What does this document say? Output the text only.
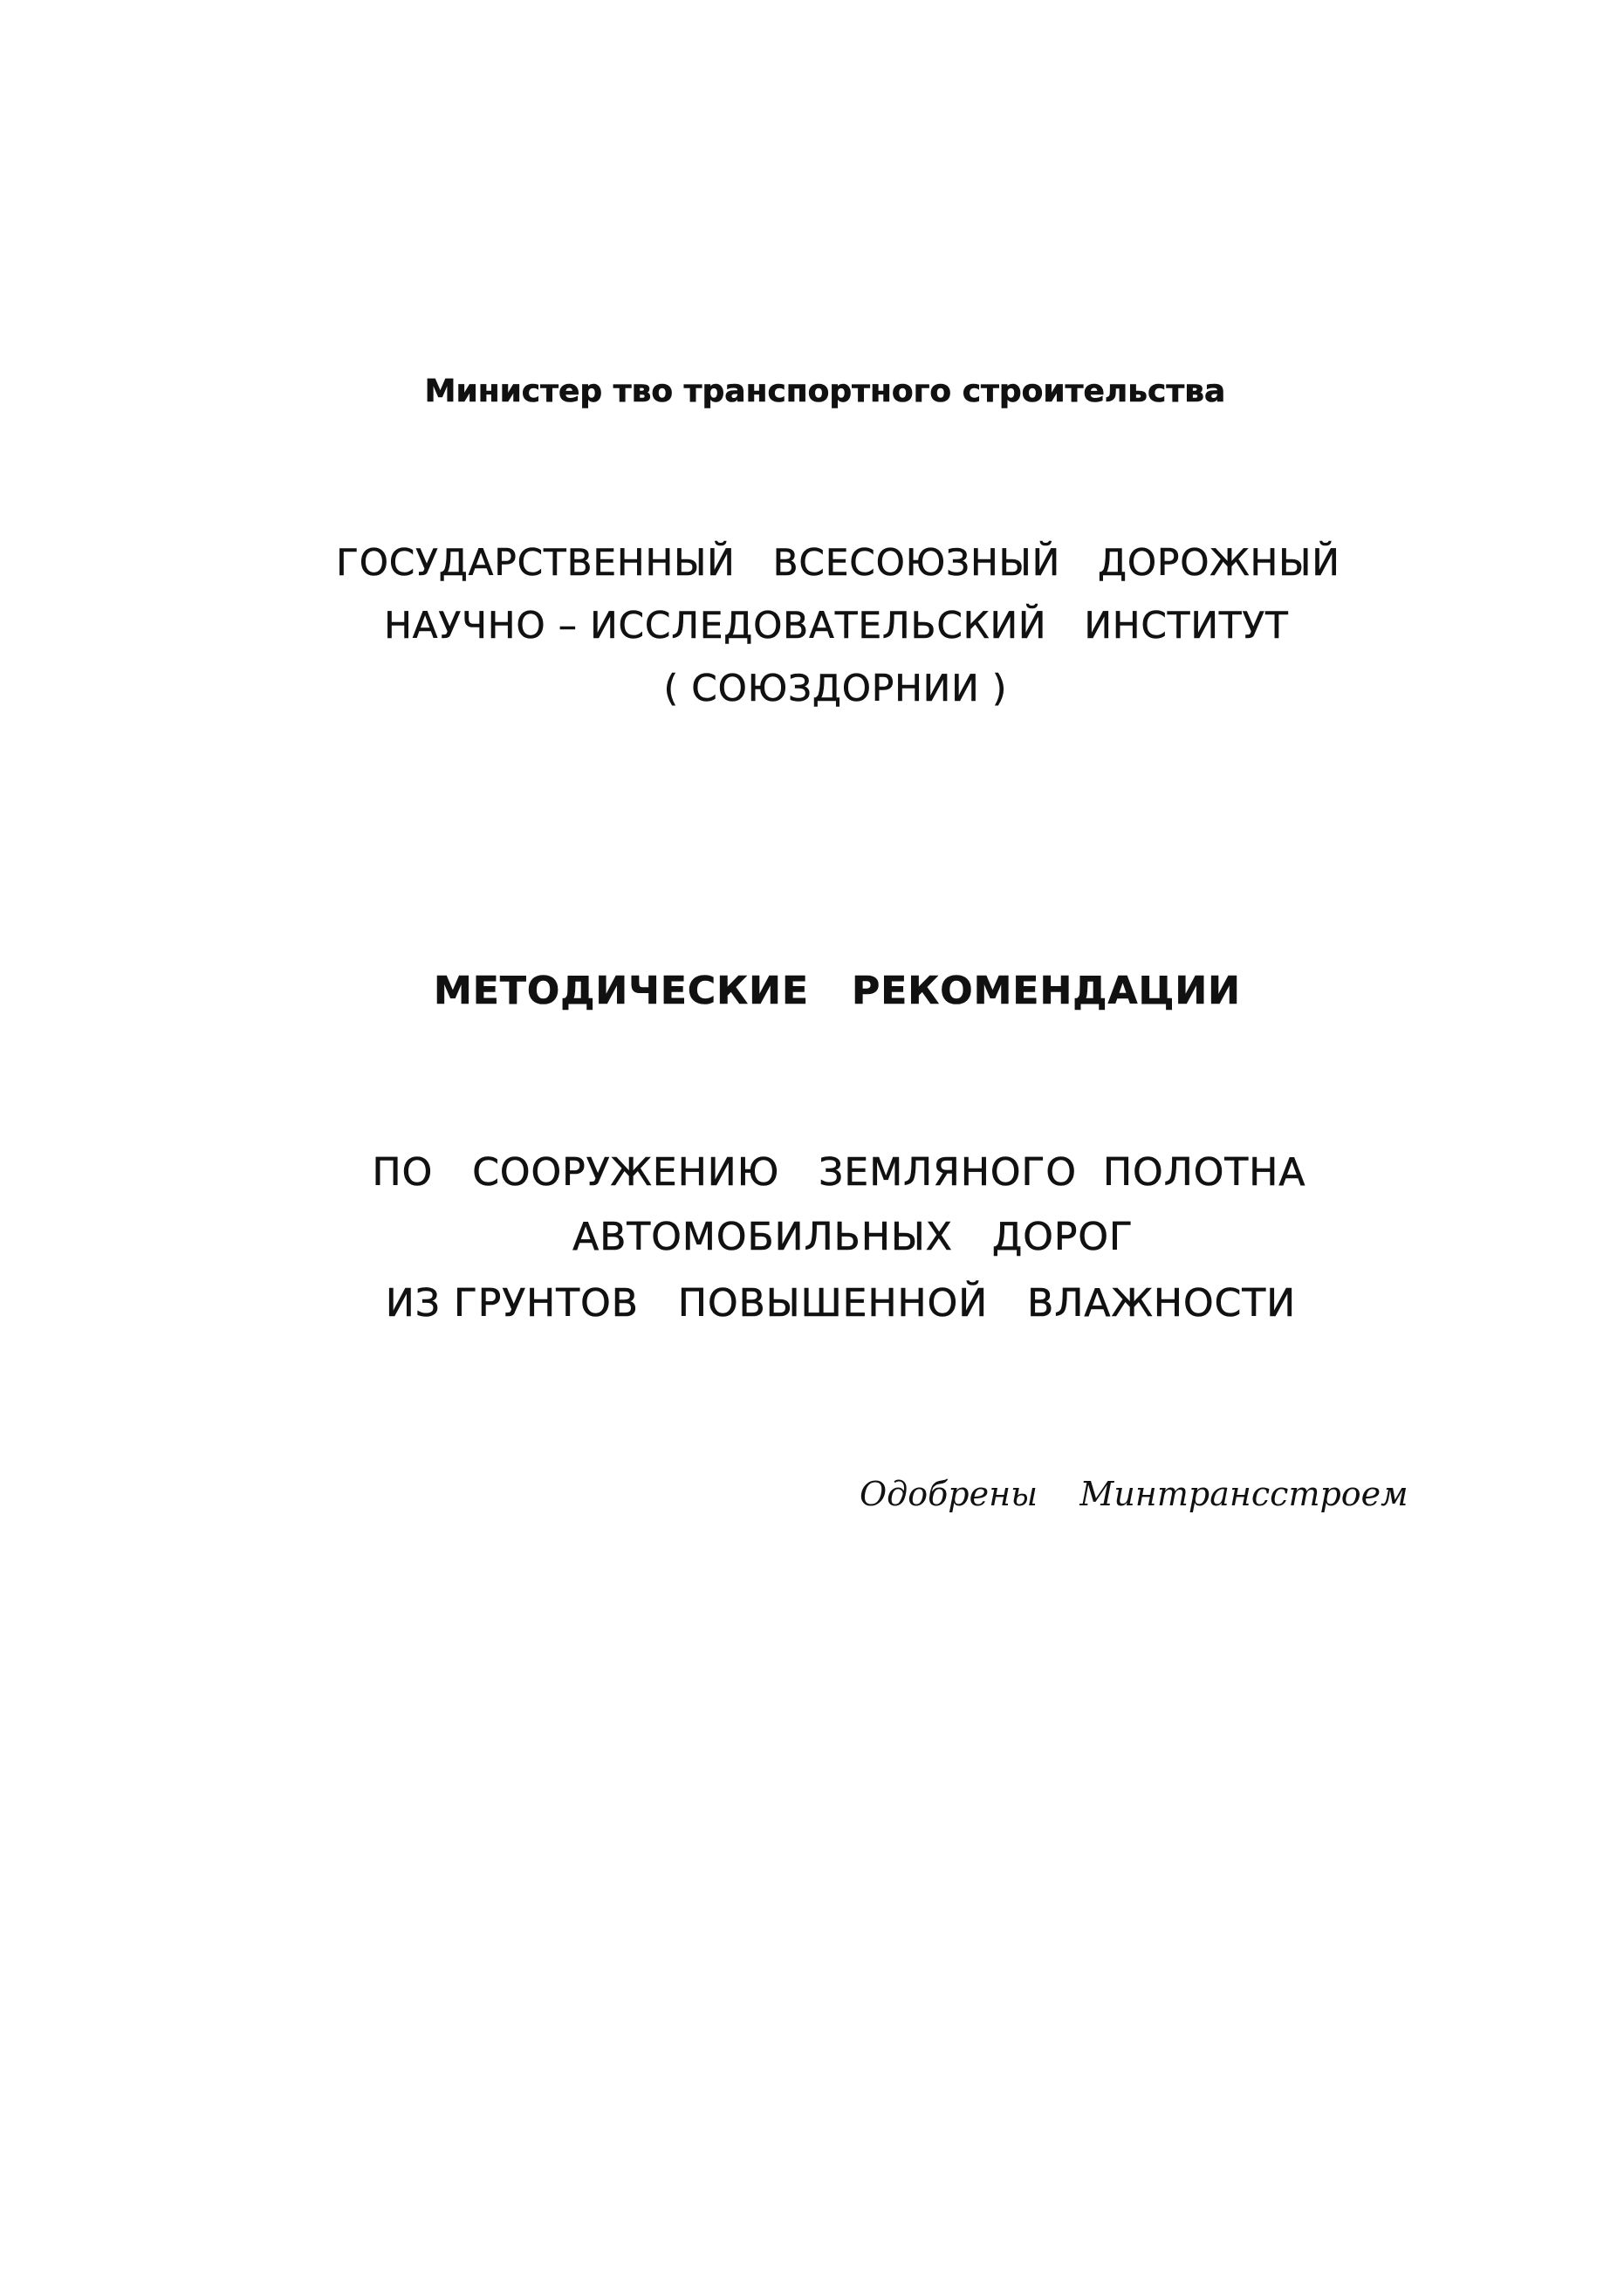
Министер тво транспортного строительства
ГОСУДАРСТВЕННЫЙ   ВСЕСОЮЗНЫЙ   ДОРОЖНЫЙ
НАУЧНО – ИССЛЕДОВАТЕЛЬСКИЙ   ИНСТИТУТ
( СОЮЗДОРНИИ )
МЕТОДИЧЕСКИЕ   РЕКОМЕНДАЦИИ
ПО   СООРУЖЕНИЮ   ЗЕМЛЯНОГО  ПОЛОТНА
АВТОМОБИЛЬНЫХ   ДОРОГ
ИЗ ГРУНТОВ   ПОВЫШЕННОЙ   ВЛАЖНОСТИ
Одобрены    Минтрансстроем
